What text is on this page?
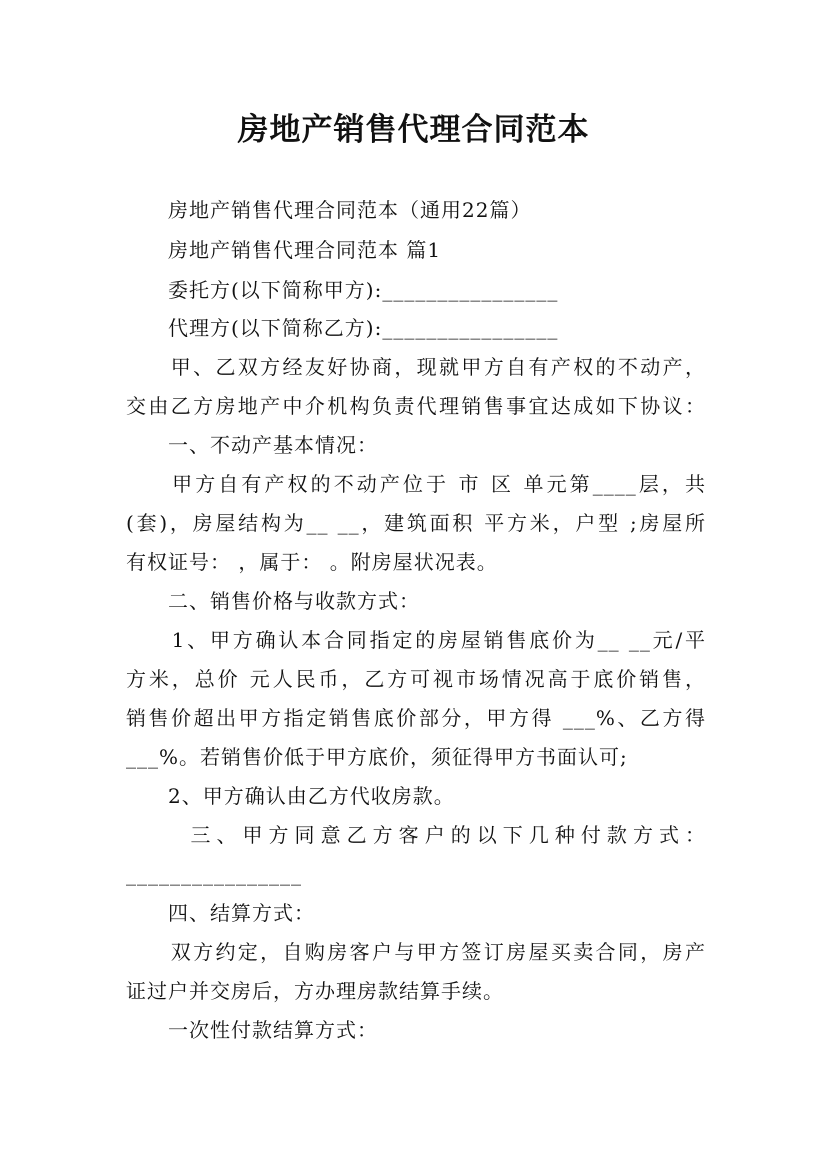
房地产销售代理合同范本
　　房地产销售代理合同范本（通用22篇）
　　房地产销售代理合同范本 篇1
　　委托方(以下简称甲方):________________
　　代理方(以下简称乙方):________________
　　甲、乙双方经友好协商，现就甲方自有产权的不动产，
交由乙方房地产中介机构负责代理销售事宜达成如下协议：
　　一、不动产基本情况：
　　甲方自有产权的不动产位于 市 区 单元第____层，共
(套)，房屋结构为__ __，建筑面积 平方米，户型 ;房屋所
有权证号： ，属于： 。附房屋状况表。
　　二、销售价格与收款方式：
　　1、甲方确认本合同指定的房屋销售底价为__ __元/平
方米，总价 元人民币，乙方可视市场情况高于底价销售，
销售价超出甲方指定销售底价部分，甲方得 ___%、乙方得
___%。若销售价低于甲方底价，须征得甲方书面认可;
　　2、甲方确认由乙方代收房款。
　　 三、甲方同意乙方客户的以下几种付款方式：
________________
　　四、结算方式：
　　双方约定，自购房客户与甲方签订房屋买卖合同，房产
证过户并交房后，方办理房款结算手续。
　　一次性付款结算方式：
